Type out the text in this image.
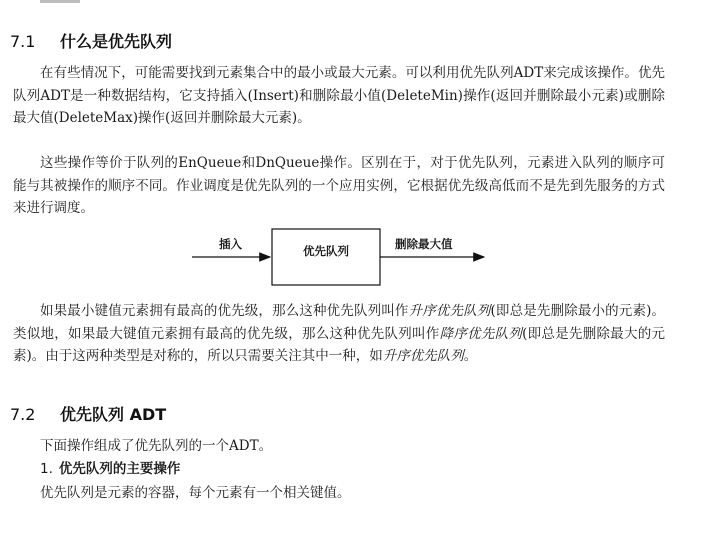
7.1 什么是优先队列

在有些情况下，可能需要找到元素集合中的最小或最大元素。可以利用优先队列ADT来完成该操作。优先队列ADT是一种数据结构，它支持插入(Insert)和删除最小值(DeleteMin)操作(返回并删除最小元素)或删除最大值(DeleteMax)操作(返回并删除最大元素)。

这些操作等价于队列的EnQueue和DnQueue操作。区别在于，对于优先队列，元素进入队列的顺序可能与其被操作的顺序不同。作业调度是优先队列的一个应用实例，它根据优先级高低而不是先到先服务的方式来进行调度。

插入	优先队列	删除最大值

如果最小键值元素拥有最高的优先级，那么这种优先队列叫作升序优先队列(即总是先删除最小的元素)。类似地，如果最大键值元素拥有最高的优先级，那么这种优先队列叫作降序优先队列(即总是先删除最大的元素)。由于这两种类型是对称的，所以只需要关注其中一种，如升序优先队列。

7.2 优先队列 ADT
下面操作组成了优先队列的一个ADT。
1. 优先队列的主要操作
优先队列是元素的容器，每个元素有一个相关键值。
